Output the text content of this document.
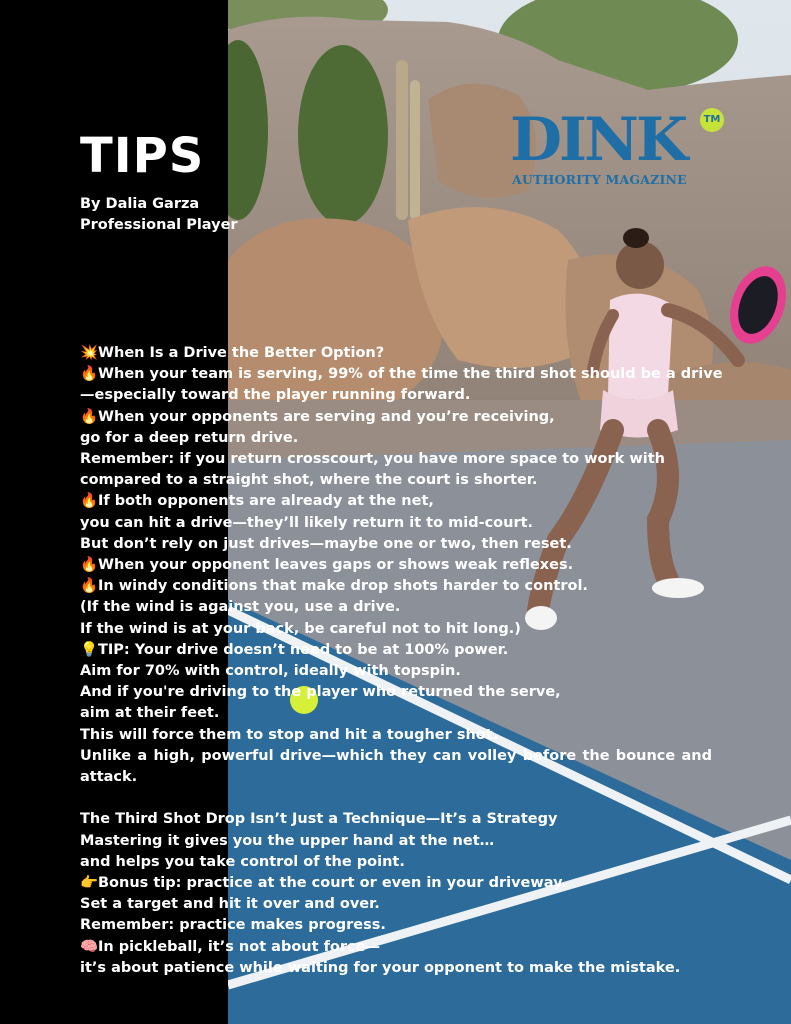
TIPS
By Dalia Garza
Professional Player
DINK	TM
AUTHORITY MAGAZINE
💥When Is a Drive the Better Option?
🔥When your team is serving, 99% of the time the third shot should be a drive
—especially toward the player running forward.
🔥When your opponents are serving and you’re receiving,
go for a deep return drive.
Remember: if you return crosscourt, you have more space to work with
compared to a straight shot, where the court is shorter.
🔥If both opponents are already at the net,
you can hit a drive—they’ll likely return it to mid-court.
But don’t rely on just drives—maybe one or two, then reset.
🔥When your opponent leaves gaps or shows weak reflexes.
🔥In windy conditions that make drop shots harder to control.
(If the wind is against you, use a drive.
If the wind is at your back, be careful not to hit long.)
💡TIP: Your drive doesn’t need to be at 100% power.
Aim for 70% with control, ideally with topspin.
And if you're driving to the player who returned the serve,
aim at their feet.
This will force them to stop and hit a tougher shot.
Unlike a high, powerful drive—which they can volley before the bounce and attack.
The Third Shot Drop Isn’t Just a Technique—It’s a Strategy
Mastering it gives you the upper hand at the net…
and helps you take control of the point.
👉Bonus tip: practice at the court or even in your driveway.
Set a target and hit it over and over.
Remember: practice makes progress.
🧠In pickleball, it’s not about force—
it’s about patience while waiting for your opponent to make the mistake.
